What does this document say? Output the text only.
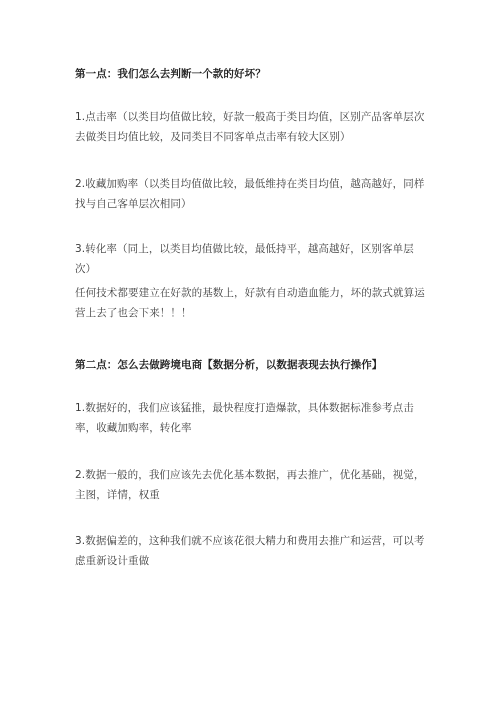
第一点：我们怎么去判断一个款的好坏？

1.点击率（以类目均值做比较，好款一般高于类目均值，区别产品客单层次去做类目均值比较，及同类目不同客单点击率有较大区别）

2.收藏加购率（以类目均值做比较，最低维持在类目均值，越高越好，同样找与自己客单层次相同）

3.转化率（同上，以类目均值做比较，最低持平，越高越好，区别客单层次）

任何技术都要建立在好款的基数上，好款有自动造血能力，坏的款式就算运营上去了也会下来！！！

第二点：怎么去做跨境电商【数据分析，以数据表现去执行操作】

1.数据好的，我们应该猛推，最快程度打造爆款，具体数据标准参考点击率，收藏加购率，转化率

2.数据一般的，我们应该先去优化基本数据，再去推广，优化基础，视觉，主图，详情，权重

3.数据偏差的，这种我们就不应该花很大精力和费用去推广和运营，可以考虑重新设计重做
